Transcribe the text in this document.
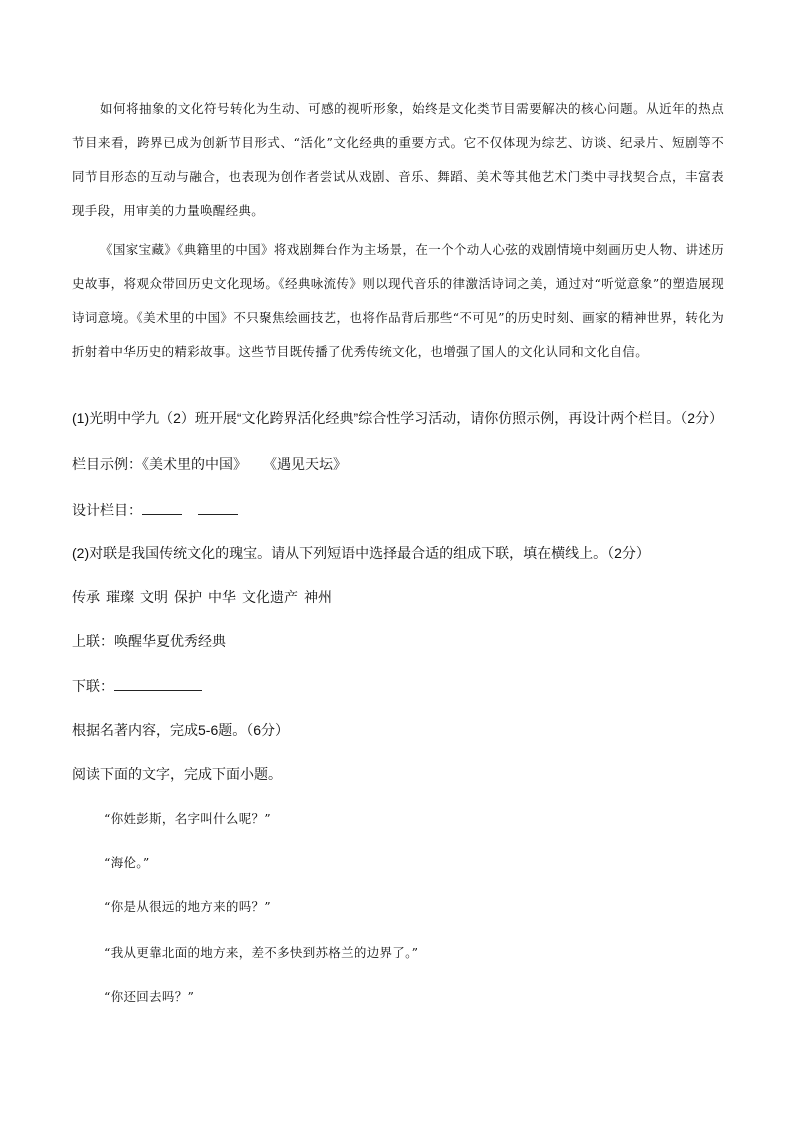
如何将抽象的文化符号转化为生动、可感的视听形象，始终是文化类节目需要解决的核心问题。从近年的热点节目来看，跨界已成为创新节目形式、“活化”文化经典的重要方式。它不仅体现为综艺、访谈、纪录片、短剧等不同节目形态的互动与融合，也表现为创作者尝试从戏剧、音乐、舞蹈、美术等其他艺术门类中寻找契合点，丰富表现手段，用审美的力量唤醒经典。

《国家宝藏》《典籍里的中国》将戏剧舞台作为主场景，在一个个动人心弦的戏剧情境中刻画历史人物、讲述历史故事，将观众带回历史文化现场。《经典咏流传》则以现代音乐的律激活诗词之美，通过对“听觉意象”的塑造展现诗词意境。《美术里的中国》不只聚焦绘画技艺，也将作品背后那些“不可见”的历史时刻、画家的精神世界，转化为折射着中华历史的精彩故事。这些节目既传播了优秀传统文化，也增强了国人的文化认同和文化自信。

(1)光明中学九（2）班开展“文化跨界活化经典”综合性学习活动，请你仿照示例，再设计两个栏目。（2分）

栏目示例：《美术里的中国》 《遇见天坛》

设计栏目：

(2)对联是我国传统文化的瑰宝。请从下列短语中选择最合适的组成下联，填在横线上。（2分）

传承 璀璨 文明 保护 中华 文化遗产 神州

上联：唤醒华夏优秀经典

下联：

根据名著内容，完成5-6题。（6分）

阅读下面的文字，完成下面小题。

“你姓彭斯，名字叫什么呢？”

“海伦。”

“你是从很远的地方来的吗？”

“我从更靠北面的地方来，差不多快到苏格兰的边界了。”

“你还回去吗？”
